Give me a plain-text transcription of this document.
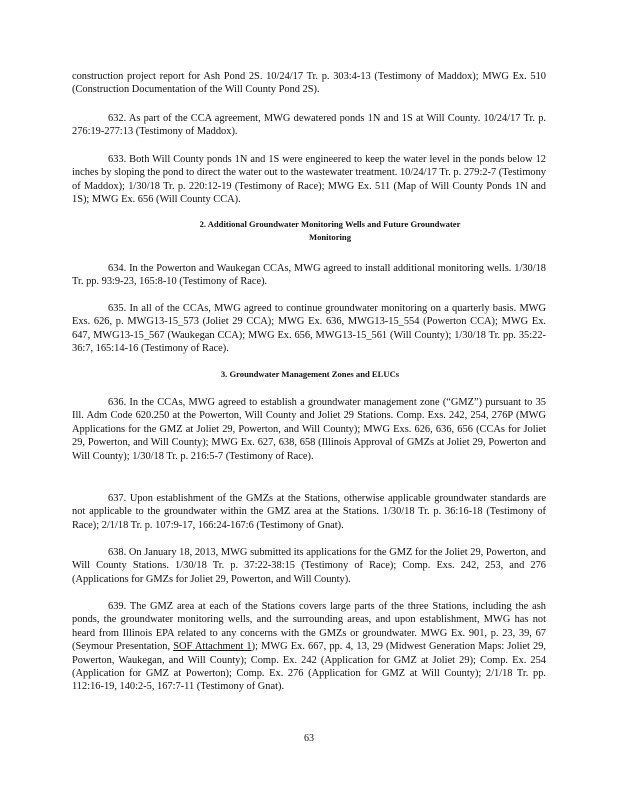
construction project report for Ash Pond 2S. 10/24/17 Tr. p. 303:4-13 (Testimony of Maddox); MWG Ex. 510 (Construction Documentation of the Will County Pond 2S).

632. As part of the CCA agreement, MWG dewatered ponds 1N and 1S at Will County. 10/24/17 Tr. p. 276:19-277:13 (Testimony of Maddox).

633. Both Will County ponds 1N and 1S were engineered to keep the water level in the ponds below 12 inches by sloping the pond to direct the water out to the wastewater treatment. 10/24/17 Tr. p. 279:2-7 (Testimony of Maddox); 1/30/18 Tr. p. 220:12-19 (Testimony of Race); MWG Ex. 511 (Map of Will County Ponds 1N and 1S); MWG Ex. 656 (Will County CCA).

2. Additional Groundwater Monitoring Wells and Future Groundwater
Monitoring

634. In the Powerton and Waukegan CCAs, MWG agreed to install additional monitoring wells. 1/30/18 Tr. pp. 93:9-23, 165:8-10 (Testimony of Race).

635. In all of the CCAs, MWG agreed to continue groundwater monitoring on a quarterly basis. MWG Exs. 626, p. MWG13-15_573 (Joliet 29 CCA); MWG Ex. 636, MWG13-15_554 (Powerton CCA); MWG Ex. 647, MWG13-15_567 (Waukegan CCA); MWG Ex. 656, MWG13-15_561 (Will County); 1/30/18 Tr. pp. 35:22-36:7, 165:14-16 (Testimony of Race).

3. Groundwater Management Zones and ELUCs

636. In the CCAs, MWG agreed to establish a groundwater management zone (“GMZ”) pursuant to 35 Ill. Adm Code 620.250 at the Powerton, Will County and Joliet 29 Stations. Comp. Exs. 242, 254, 276P (MWG Applications for the GMZ at Joliet 29, Powerton, and Will County); MWG Exs. 626, 636, 656 (CCAs for Joliet 29, Powerton, and Will County); MWG Ex. 627, 638, 658 (Illinois Approval of GMZs at Joliet 29, Powerton and Will County); 1/30/18 Tr. p. 216:5-7 (Testimony of Race).

637. Upon establishment of the GMZs at the Stations, otherwise applicable groundwater standards are not applicable to the groundwater within the GMZ area at the Stations. 1/30/18 Tr. p. 36:16-18 (Testimony of Race); 2/1/18 Tr. p. 107:9-17, 166:24-167:6 (Testimony of Gnat).

638. On January 18, 2013, MWG submitted its applications for the GMZ for the Joliet 29, Powerton, and Will County Stations. 1/30/18 Tr. p. 37:22-38:15 (Testimony of Race); Comp. Exs. 242, 253, and 276 (Applications for GMZs for Joliet 29, Powerton, and Will County).

639. The GMZ area at each of the Stations covers large parts of the three Stations, including the ash ponds, the groundwater monitoring wells, and the surrounding areas, and upon establishment, MWG has not heard from Illinois EPA related to any concerns with the GMZs or groundwater. MWG Ex. 901, p. 23, 39, 67 (Seymour Presentation, SOF Attachment 1); MWG Ex. 667, pp. 4, 13, 29 (Midwest Generation Maps: Joliet 29, Powerton, Waukegan, and Will County); Comp. Ex. 242 (Application for GMZ at Joliet 29); Comp. Ex. 254 (Application for GMZ at Powerton); Comp. Ex. 276 (Application for GMZ at Will County); 2/1/18 Tr. pp. 112:16-19, 140:2-5, 167:7-11 (Testimony of Gnat).

63
